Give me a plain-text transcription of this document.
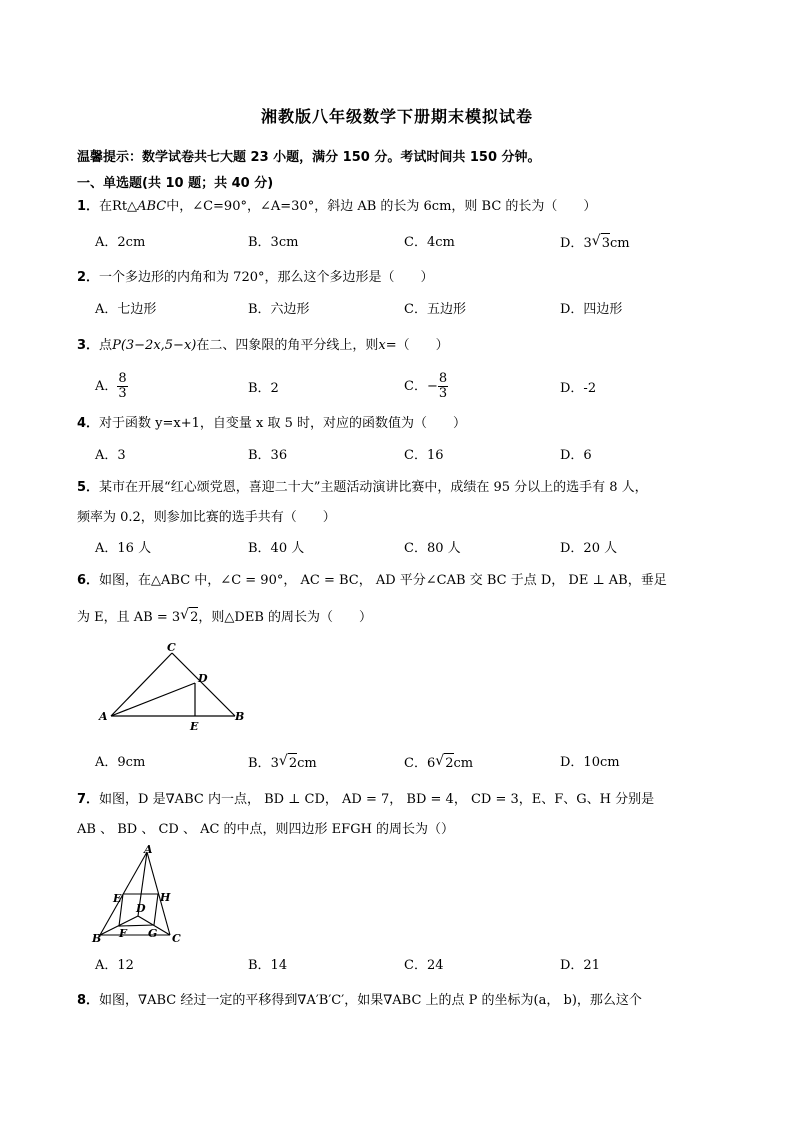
湘教版八年级数学下册期末模拟试卷
温馨提示：数学试卷共七大题 23 小题，满分 150 分。考试时间共 150 分钟。
一、单选题(共 10 题；共 40 分)
1．在Rt△ABC中，∠C=90°，∠A=30°，斜边 AB 的长为 6cm，则 BC 的长为（　　）
A．2cm	B．3cm	C．4cm	D．3 √ 3cm
2．一个多边形的内角和为 720°，那么这个多边形是（　　）
A．七边形	B．六边形	C．五边形	D．四边形
3．点P(3−2x,5−x)在二、四象限的角平分线上，则x=（　　）
A． $\frac{8}{3}$	B．2	C．− $\frac{8}{3}$	D．-2
4．对于函数 y=x+1，自变量 x 取 5 时，对应的函数值为（　　）
A．3	B．36	C．16	D．6
5．某市在开展“红心颂党恩，喜迎二十大”主题活动演讲比赛中，成绩在 95 分以上的选手有 8 人，
频率为 0.2，则参加比赛的选手共有（　　）
A．16 人	B．40 人	C．80 人	D．20 人
6．如图，在△ABC 中，∠C = 90°， AC = BC， AD 平分∠CAB 交 BC 于点 D， DE ⊥ AB，垂足
为 E，且 AB = 3 √ 2，则△DEB 的周长为（　　）
C
D
A
E
B
A．9cm	B．3 √ 2cm	C．6 √ 2cm	D．10cm
7．如图，D 是∇ABC 内一点， BD ⊥ CD， AD = 7， BD = 4， CD = 3，E、F、G、H 分别是
AB 、 BD 、 CD 、 AC 的中点，则四边形 EFGH 的周长为（）
A
E	H
D
B F G C
A．12	B．14	C．24	D．21
8．如图，∇ABC 经过一定的平移得到∇A′B′C′，如果∇ABC 上的点 P 的坐标为(a， b)，那么这个
